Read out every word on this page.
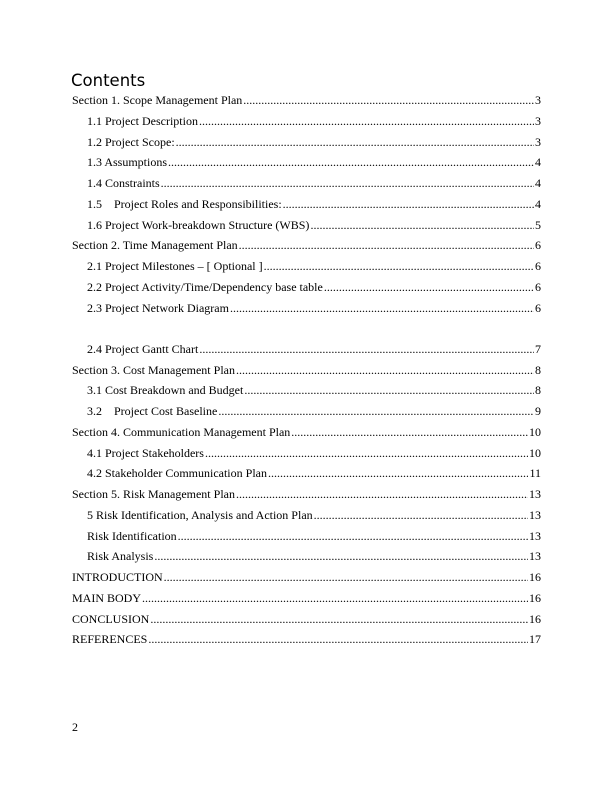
Contents
Section 1. Scope Management Plan .....	3
1.1 Project Description .....	3
1.2 Project Scope: .....	3
1.3 Assumptions .....	4
1.4 Constraints .....	4
1.5    Project Roles and Responsibilities: .....	4
1.6 Project Work-breakdown Structure (WBS) .....	5
Section 2. Time Management Plan .....	6
2.1 Project Milestones – [ Optional ] .....	6
2.2 Project Activity/Time/Dependency base table .....	6
2.3 Project Network Diagram .....	6
2.4 Project Gantt Chart .....	7
Section 3. Cost Management Plan .....	8
3.1 Cost Breakdown and Budget .....	8
3.2    Project Cost Baseline .....	9
Section 4. Communication Management Plan .....	10
4.1 Project Stakeholders .....	10
4.2 Stakeholder Communication Plan .....	11
Section 5. Risk Management Plan .....	13
5 Risk Identification, Analysis and Action Plan .....	13
Risk Identification .....	13
Risk Analysis .....	13
INTRODUCTION .....	16
MAIN BODY .....	16
CONCLUSION .....	16
REFERENCES .....	17
2
